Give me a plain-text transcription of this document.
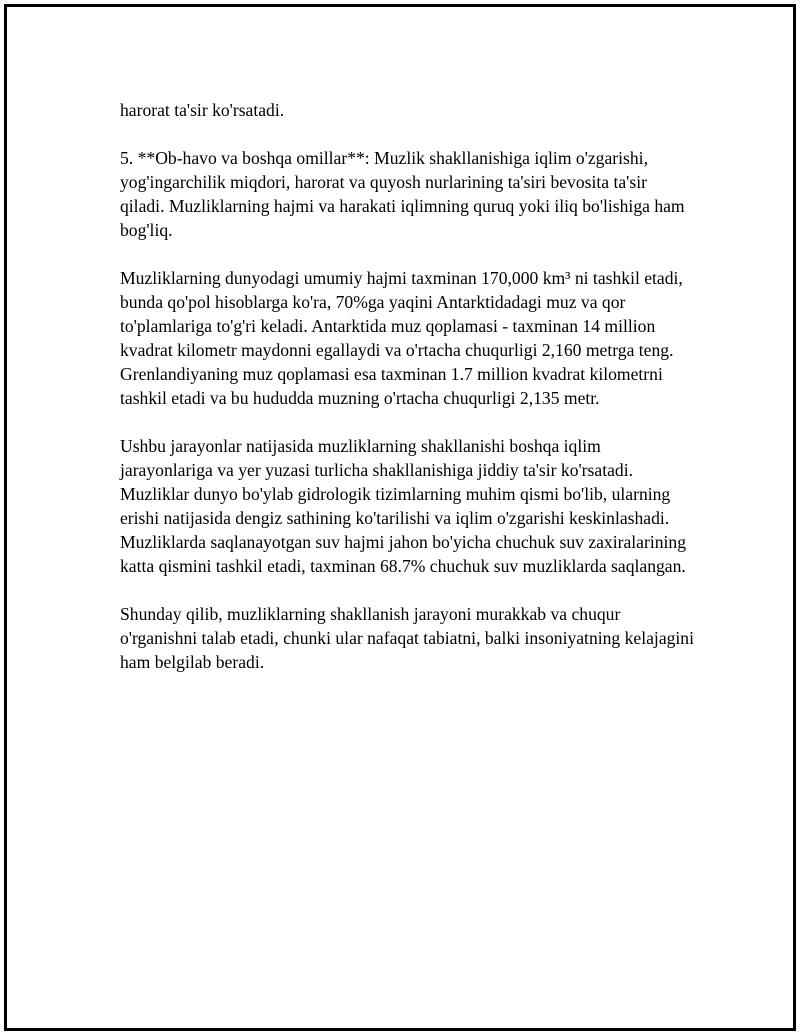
harorat ta'sir ko'rsatadi.

5. **Ob-havo va boshqa omillar**: Muzlik shakllanishiga iqlim o'zgarishi, yog'ingarchilik miqdori, harorat va quyosh nurlarining ta'siri bevosita ta'sir qiladi. Muzliklarning hajmi va harakati iqlimning quruq yoki iliq bo'lishiga ham bog'liq.

Muzliklarning dunyodagi umumiy hajmi taxminan 170,000 km³ ni tashkil etadi, bunda qo'pol hisoblarga ko'ra, 70%ga yaqini Antarktidadagi muz va qor to'plamlariga to'g'ri keladi. Antarktida muz qoplamasi - taxminan 14 million kvadrat kilometr maydonni egallaydi va o'rtacha chuqurligi 2,160 metrga teng. Grenlandiyaning muz qoplamasi esa taxminan 1.7 million kvadrat kilometrni tashkil etadi va bu hududda muzning o'rtacha chuqurligi 2,135 metr.

Ushbu jarayonlar natijasida muzliklarning shakllanishi boshqa iqlim jarayonlariga va yer yuzasi turlicha shakllanishiga jiddiy ta'sir ko'rsatadi. Muzliklar dunyo bo'ylab gidrologik tizimlarning muhim qismi bo'lib, ularning erishi natijasida dengiz sathining ko'tarilishi va iqlim o'zgarishi keskinlashadi. Muzliklarda saqlanayotgan suv hajmi jahon bo'yicha chuchuk suv zaxiralarining katta qismini tashkil etadi, taxminan 68.7% chuchuk suv muzliklarda saqlangan.

Shunday qilib, muzliklarning shakllanish jarayoni murakkab va chuqur o'rganishni talab etadi, chunki ular nafaqat tabiatni, balki insoniyatning kelajagini ham belgilab beradi.
